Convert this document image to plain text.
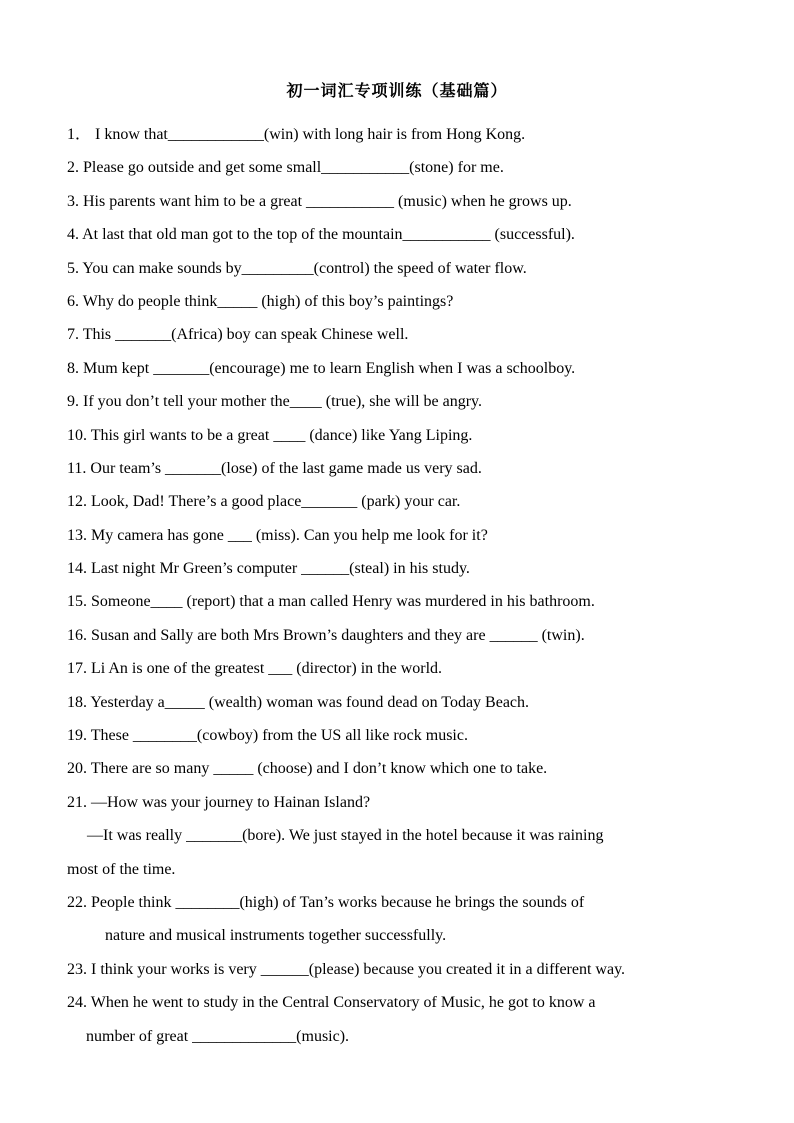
初一词汇专项训练（基础篇）
1． I know that____________(win) with long hair is from Hong Kong.
2. Please go outside and get some small___________(stone) for me.
3. His parents want him to be a great ___________ (music) when he grows up.
4. At last that old man got to the top of the mountain___________ (successful).
5. You can make sounds by_________(control) the speed of water flow.
6. Why do people think_____ (high) of this boy’s paintings?
7. This _______(Africa) boy can speak Chinese well.
8. Mum kept _______(encourage) me to learn English when I was a schoolboy.
9. If you don’t tell your mother the____ (true), she will be angry.
10. This girl wants to be a great ____ (dance) like Yang Liping.
11. Our team’s _______(lose) of the last game made us very sad.
12. Look, Dad! There’s a good place_______ (park) your car.
13. My camera has gone ___ (miss). Can you help me look for it?
14. Last night Mr Green’s computer ______(steal) in his study.
15. Someone____ (report) that a man called Henry was murdered in his bathroom.
16. Susan and Sally are both Mrs Brown’s daughters and they are ______ (twin).
17. Li An is one of the greatest ___ (director) in the world.
18. Yesterday a_____ (wealth) woman was found dead on Today Beach.
19. These ________(cowboy) from the US all like rock music.
20. There are so many _____ (choose) and I don’t know which one to take.
21. —How was your journey to Hainan Island?
—It was really _______(bore). We just stayed in the hotel because it was raining
most of the time.
22. People think ________(high) of Tan’s works because he brings the sounds of
nature and musical instruments together successfully.
23. I think your works is very ______(please) because you created it in a different way.
24. When he went to study in the Central Conservatory of Music, he got to know a
number of great _____________(music).
